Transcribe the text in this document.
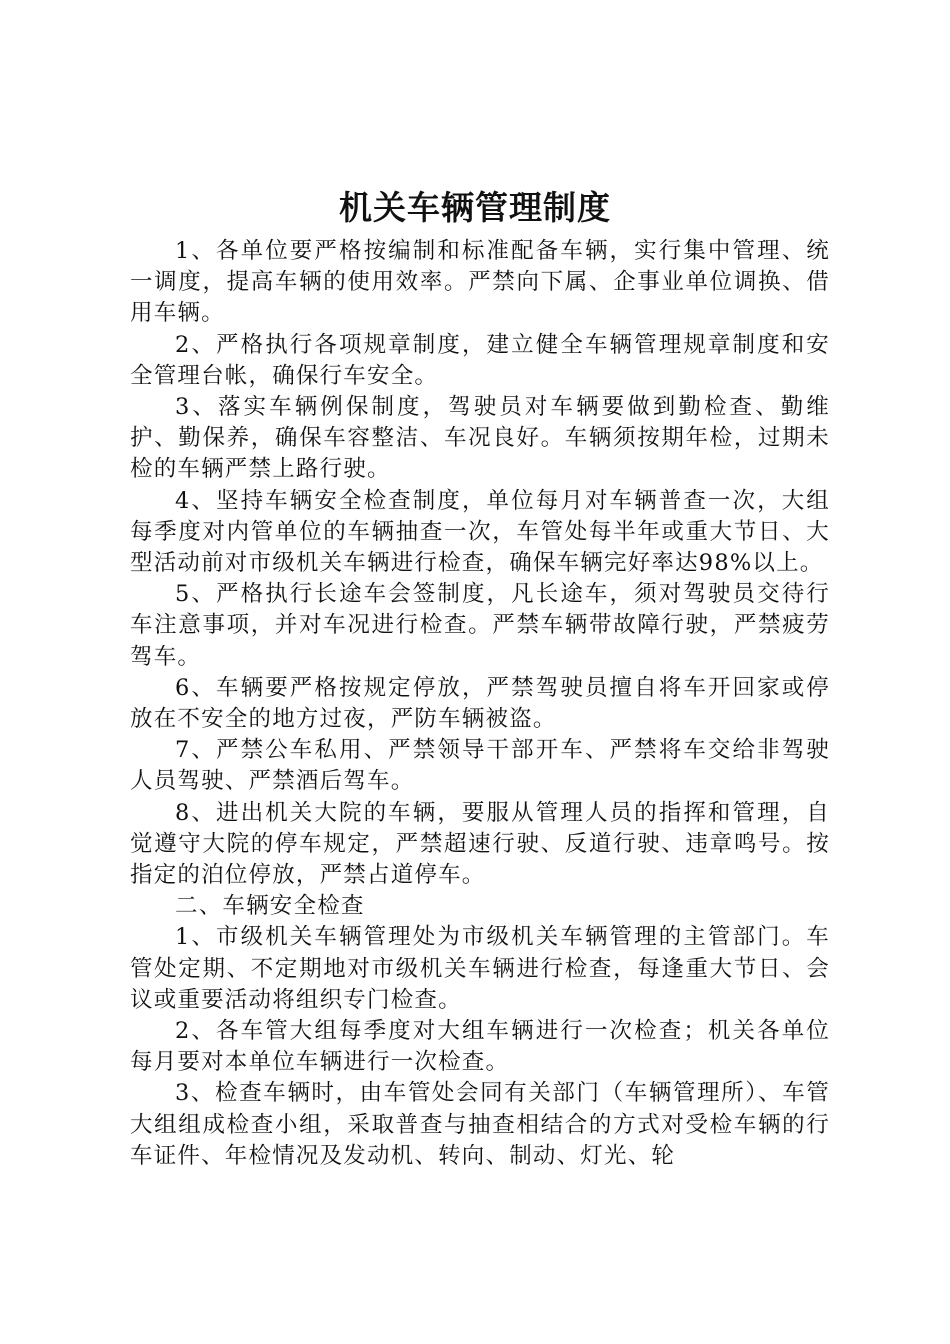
机关车辆管理制度

1、各单位要严格按编制和标准配备车辆，实行集中管理、统一调度，提高车辆的使用效率。严禁向下属、企事业单位调换、借用车辆。

2、严格执行各项规章制度，建立健全车辆管理规章制度和安全管理台帐，确保行车安全。

3、落实车辆例保制度，驾驶员对车辆要做到勤检查、勤维护、勤保养，确保车容整洁、车况良好。车辆须按期年检，过期未检的车辆严禁上路行驶。

4、坚持车辆安全检查制度，单位每月对车辆普查一次，大组每季度对内管单位的车辆抽查一次，车管处每半年或重大节日、大型活动前对市级机关车辆进行检查，确保车辆完好率达98%以上。

5、严格执行长途车会签制度，凡长途车，须对驾驶员交待行车注意事项，并对车况进行检查。严禁车辆带故障行驶，严禁疲劳驾车。

6、车辆要严格按规定停放，严禁驾驶员擅自将车开回家或停放在不安全的地方过夜，严防车辆被盗。

7、严禁公车私用、严禁领导干部开车、严禁将车交给非驾驶人员驾驶、严禁酒后驾车。

8、进出机关大院的车辆，要服从管理人员的指挥和管理，自觉遵守大院的停车规定，严禁超速行驶、反道行驶、违章鸣号。按指定的泊位停放，严禁占道停车。

二、车辆安全检查

1、市级机关车辆管理处为市级机关车辆管理的主管部门。车管处定期、不定期地对市级机关车辆进行检查，每逢重大节日、会议或重要活动将组织专门检查。

2、各车管大组每季度对大组车辆进行一次检查；机关各单位每月要对本单位车辆进行一次检查。

3、检查车辆时，由车管处会同有关部门（车辆管理所）、车管大组组成检查小组，采取普查与抽查相结合的方式对受检车辆的行车证件、年检情况及发动机、转向、制动、灯光、轮
